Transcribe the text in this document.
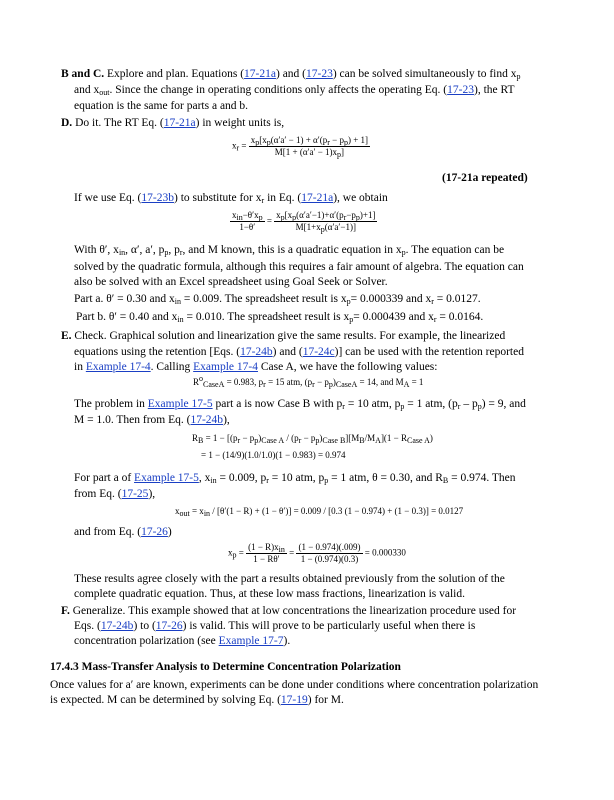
B and C. Explore and plan. Equations (17-21a) and (17-23) can be solved simultaneously to find $x_p$
and $x_{out}$. Since the change in operating conditions only affects the operating Eq. (17-23), the RT
equation is the same for parts a and b.
D. Do it. The RT Eq. (17-21a) in weight units is,
$x_r = \frac{x_p[x_p(\alpha'a' - 1) + \alpha'(p_r - p_p) + 1]}{M[1 + (\alpha'a' - 1)x_p]}$
(17-21a repeated)
If we use Eq. (17-23b) to substitute for $x_r$ in Eq. (17-21a), we obtain
$\frac{x_{in}-\theta'x_p}{1-\theta'} = \frac{x_p[x_p(\alpha'a'-1)+\alpha'(p_r-p_p)+1]}{M[1+x_p(\alpha'a'-1)]}$
With θ′, $x_{in}$, α′, a′, $p_p$, $p_r$, and M known, this is a quadratic equation in $x_p$. The equation can be
solved by the quadratic formula, although this requires a fair amount of algebra. The equation can
also be solved with an Excel spreadsheet using Goal Seek or Solver.
Part a. θ′ = 0.30 and $x_{in} = 0.009$. The spreadsheet result is $x_p= 0.000339$ and $x_r = 0.0127$.
Part b. θ′ = 0.40 and $x_{in} = 0.010$. The spreadsheet result is $x_p= 0.000439$ and $x_r = 0.0164$.
E. Check. Graphical solution and linearization give the same results. For example, the linearized
equations using the retention [Eqs. (17-24b) and (17-24c)] can be used with the retention reported
in Example 17-4. Calling Example 17-4 Case A, we have the following values:
$R^o_{CaseA} = 0.983$, $p_r = 15$ atm, $(p_r - p_p)_{CaseA} = 14$, and $M_A = 1$
The problem in Example 17-5 part a is now Case B with $p_r = 10$ atm, $p_p = 1$ atm, $(p_r - p_p) = 9$, and
M = 1.0. Then from Eq. (17-24b),
$R_B = 1 - [(p_r - p_p)_{Case A} / (p_r - p_p)_{Case B}][M_B/M_A](1 - R_{Case A})$
= 1 − (14/9)(1.0/1.0)(1 − 0.983) = 0.974
For part a of Example 17-5, $x_{in} = 0.009$, $p_r = 10$ atm, $p_p = 1$ atm, θ = 0.30, and $R_B = 0.974$. Then
from Eq. (17-25),
$x_{out} = x_{in} / [\theta'(1 - R) + (1 - \theta')] = 0.009 / [0.3$ (1 − 0.974) + (1 − 0.3)] = 0.0127
and from Eq. (17-26)
$x_p = \frac{(1 - R)x_{in}}{1 - R\theta'} = \frac{(1 - 0.974)(.009)}{1 - (0.974)(0.3)} = 0.000330$
These results agree closely with the part a results obtained previously from the solution of the
complete quadratic equation. Thus, at these low mass fractions, linearization is valid.
F. Generalize. This example showed that at low concentrations the linearization procedure used for
Eqs. (17-24b) to (17-26) is valid. This will prove to be particularly useful when there is
concentration polarization (see Example 17-7).
17.4.3 Mass-Transfer Analysis to Determine Concentration Polarization
Once values for a′ are known, experiments can be done under conditions where concentration polarization
is expected. M can be determined by solving Eq. (17-19) for M.
